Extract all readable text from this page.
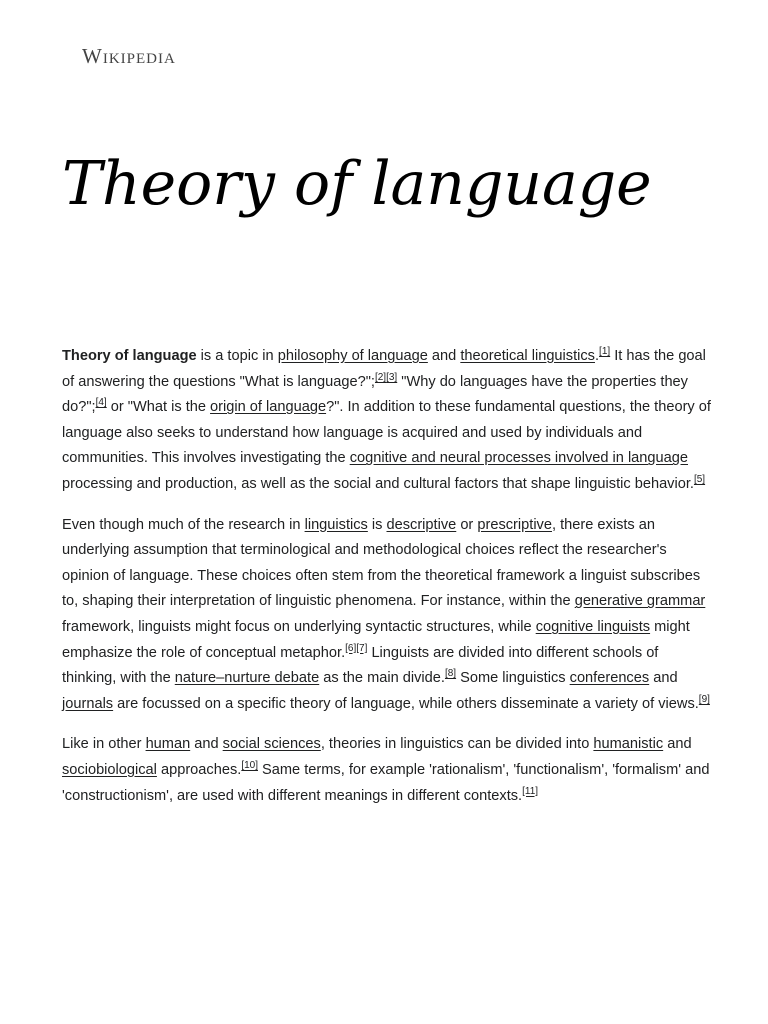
Wikipedia
Theory of language

Theory of language is a topic in philosophy of language and theoretical linguistics.[1] It has the goal of answering the questions "What is language?";[2][3] "Why do languages have the properties they do?";[4] or "What is the origin of language?". In addition to these fundamental questions, the theory of language also seeks to understand how language is acquired and used by individuals and communities. This involves investigating the cognitive and neural processes involved in language processing and production, as well as the social and cultural factors that shape linguistic behavior.[5]

Even though much of the research in linguistics is descriptive or prescriptive, there exists an underlying assumption that terminological and methodological choices reflect the researcher's opinion of language. These choices often stem from the theoretical framework a linguist subscribes to, shaping their interpretation of linguistic phenomena. For instance, within the generative grammar framework, linguists might focus on underlying syntactic structures, while cognitive linguists might emphasize the role of conceptual metaphor.[6][7] Linguists are divided into different schools of thinking, with the nature–nurture debate as the main divide.[8] Some linguistics conferences and journals are focussed on a specific theory of language, while others disseminate a variety of views.[9]

Like in other human and social sciences, theories in linguistics can be divided into humanistic and sociobiological approaches.[10] Same terms, for example 'rationalism', 'functionalism', 'formalism' and 'constructionism', are used with different meanings in different contexts.[11]
